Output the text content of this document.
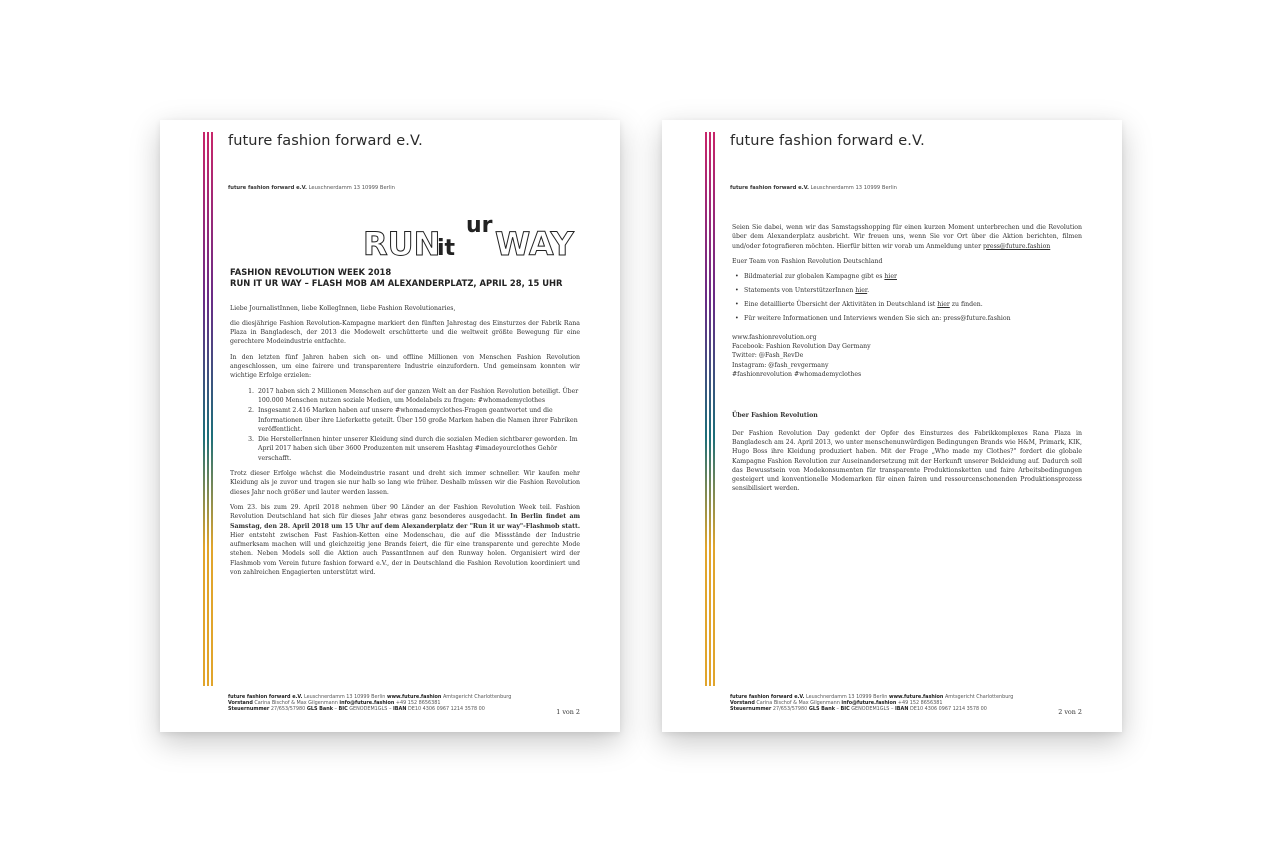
future fashion forward e.V.
future fashion forward e.V. Leuschnerdamm 13 10999 Berlin
RUN
it
ur WAY
FASHION REVOLUTION WEEK 2018
RUN IT UR WAY – FLASH MOB AM ALEXANDERPLATZ, APRIL 28, 15 UHR

Liebe JournalistInnen, liebe KollegInnen, liebe Fashion Revolutionaries,

die diesjährige Fashion Revolution-Kampagne markiert den fünften Jahrestag des Einsturzes der Fabrik Rana Plaza in Bangladesch, der 2013 die Modewelt erschütterte und die weltweit größte Bewegung für eine gerechtere Modeindustrie entfachte.

In den letzten fünf Jahren haben sich on- und offline Millionen von Menschen Fashion Revolution angeschlossen, um eine fairere und transparentere Industrie einzufordern. Und gemeinsam konnten wir wichtige Erfolge erzielen:

1. 2017 haben sich 2 Millionen Menschen auf der ganzen Welt an der Fashion Revolution beteiligt. Über 100.000 Menschen nutzen soziale Medien, um Modelabels zu fragen: #whomademyclothes
2. Insgesamt 2.416 Marken haben auf unsere #whomademyclothes-Fragen geantwortet und die Informationen über ihre Lieferkette geteilt. Über 150 große Marken haben die Namen ihrer Fabriken veröffentlicht.
3. Die HerstellerInnen hinter unserer Kleidung sind durch die sozialen Medien sichtbarer geworden. Im April 2017 haben sich über 3600 Produzenten mit unserem Hashtag #imadeyourclothes Gehör verschafft.

Trotz dieser Erfolge wächst die Modeindustrie rasant und dreht sich immer schneller. Wir kaufen mehr Kleidung als je zuvor und tragen sie nur halb so lang wie früher. Deshalb müssen wir die Fashion Revolution dieses Jahr noch größer und lauter werden lassen.

Vom 23. bis zum 29. April 2018 nehmen über 90 Länder an der Fashion Revolution Week teil. Fashion Revolution Deutschland hat sich für dieses Jahr etwas ganz besonderes ausgedacht. In Berlin findet am Samstag, den 28. April 2018 um 15 Uhr auf dem Alexanderplatz der "Run it ur way"-Flashmob statt. Hier entsteht zwischen Fast Fashion-Ketten eine Modenschau, die auf die Missstände der Industrie aufmerksam machen will und gleichzeitig jene Brands feiert, die für eine transparente und gerechte Mode stehen. Neben Models soll die Aktion auch PassantInnen auf den Runway holen. Organisiert wird der Flashmob vom Verein future fashion forward e.V., der in Deutschland die Fashion Revolution koordiniert und von zahlreichen Engagierten unterstützt wird.

future fashion forward e.V. Leuschnerdamm 13 10999 Berlin www.future.fashion Amtsgericht Charlottenburg
Vorstand Carina Bischof & Max Gilgenmann info@future.fashion +49 152 8656381
Steuernummer 27/653/57980 GLS Bank – BIC GENODEM1GLS – IBAN DE10 4306 0967 1214 3578 00	1 von 2
future fashion forward e.V.
future fashion forward e.V. Leuschnerdamm 13 10999 Berlin

Seien Sie dabei, wenn wir das Samstagsshopping für einen kurzen Moment unterbrechen und die Revolution über dem Alexanderplatz ausbricht. Wir freuen uns, wenn Sie vor Ort über die Aktion berichten, filmen und/oder fotografieren möchten. Hierfür bitten wir vorab um Anmeldung unter press@future.fashion

Euer Team von Fashion Revolution Deutschland

• Bildmaterial zur globalen Kampagne gibt es hier
• Statements von UnterstützerInnen hier.
• Eine detaillierte Übersicht der Aktivitäten in Deutschland ist hier zu finden.
• Für weitere Informationen und Interviews wenden Sie sich an: press@future.fashion
www.fashionrevolution.org
Facebook: Fashion Revolution Day Germany
Twitter: @Fash_RevDe
Instagram: @fash_revgermany
#fashionrevolution #whomademyclothes
Über Fashion Revolution

Der Fashion Revolution Day gedenkt der Opfer des Einsturzes des Fabrikkomplexes Rana Plaza in Bangladesch am 24. April 2013, wo unter menschenunwürdigen Bedingungen Brands wie H&M, Primark, KIK, Hugo Boss ihre Kleidung produziert haben. Mit der Frage „Who made my Clothes?" fordert die globale Kampagne Fashion Revolution zur Auseinandersetzung mit der Herkunft unserer Bekleidung auf. Dadurch soll das Bewusstsein von Modekonsumenten für transparente Produktionsketten und faire Arbeitsbedingungen gesteigert und konventionelle Modemarken für einen fairen und ressourcenschonenden Produktionsprozess sensibilisiert werden.

future fashion forward e.V. Leuschnerdamm 13 10999 Berlin www.future.fashion Amtsgericht Charlottenburg
Vorstand Carina Bischof & Max Gilgenmann info@future.fashion +49 152 8656381
Steuernummer 27/653/57980 GLS Bank – BIC GENODEM1GLS – IBAN DE10 4306 0967 1214 3578 00	2 von 2
